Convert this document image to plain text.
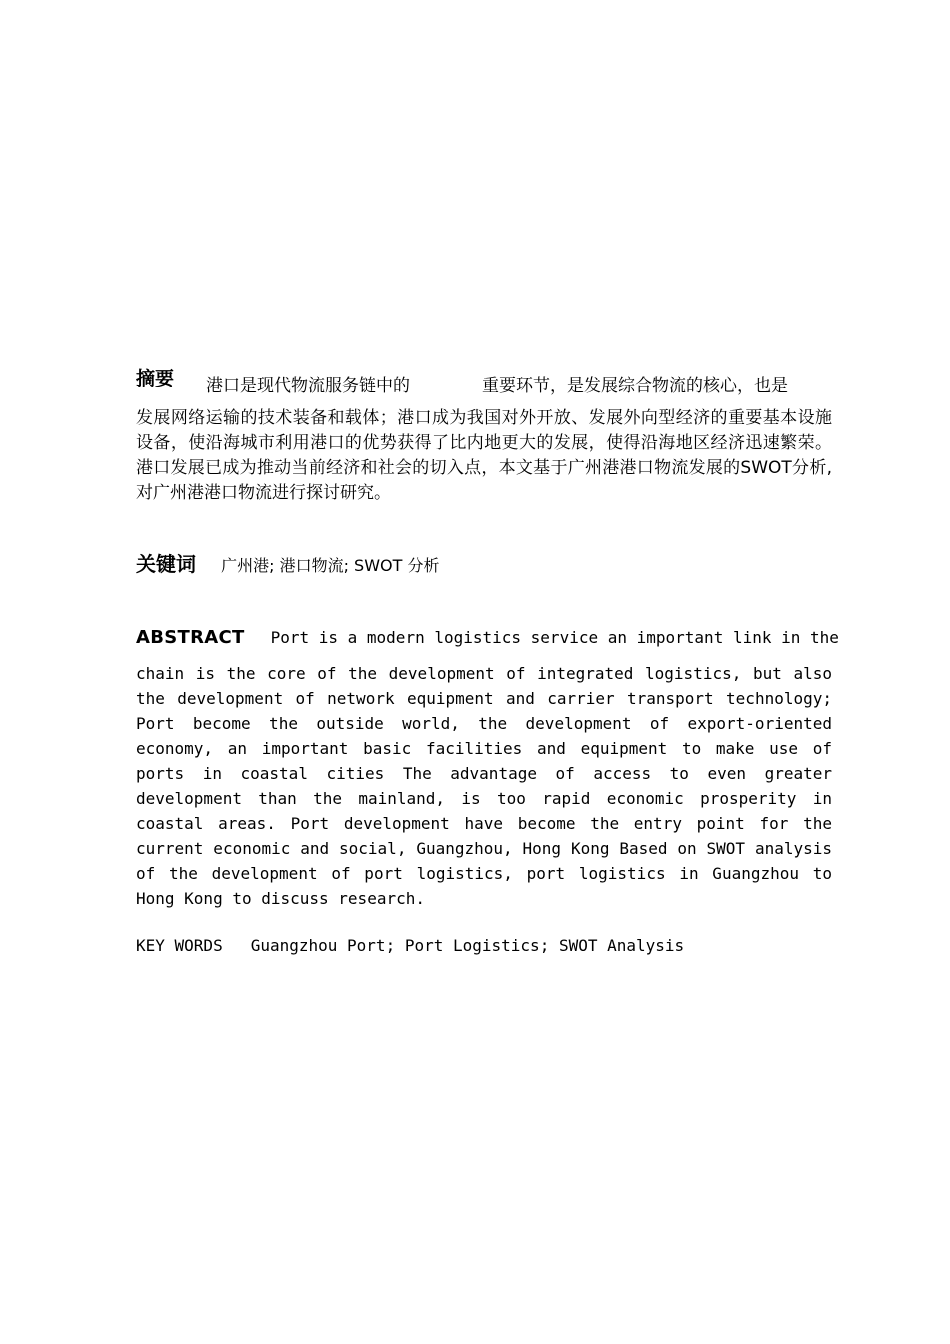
摘要 港口是现代物流服务链中的	重要环节，是发展综合物流的核心，也是

发展网络运输的技术装备和载体；港口成为我国对外开放、发展外向型经济的重要基本设施设备，使沿海城市利用港口的优势获得了比内地更大的发展，使得沿海地区经济迅速繁荣。港口发展已成为推动当前经济和社会的切入点，本文基于广州港港口物流发展的SWOT分析,对广州港港口物流进行探讨研究。

关键词 广州港; 港口物流; SWOT 分析
ABSTRACT Port is a modern logistics service an important link in the

chain is the core of the development of integrated logistics, but also the development of network equipment and carrier transport technology; Port become the outside world, the development of export-oriented economy, an important basic facilities and equipment to make use of ports in coastal cities The advantage of access to even greater development than the mainland, is too rapid economic prosperity in coastal areas. Port development have become the entry point for the current economic and social, Guangzhou, Hong Kong Based on SWOT analysis of the development of port logistics, port logistics in Guangzhou to Hong Kong to discuss research.

KEY WORDS Guangzhou Port; Port Logistics; SWOT Analysis
